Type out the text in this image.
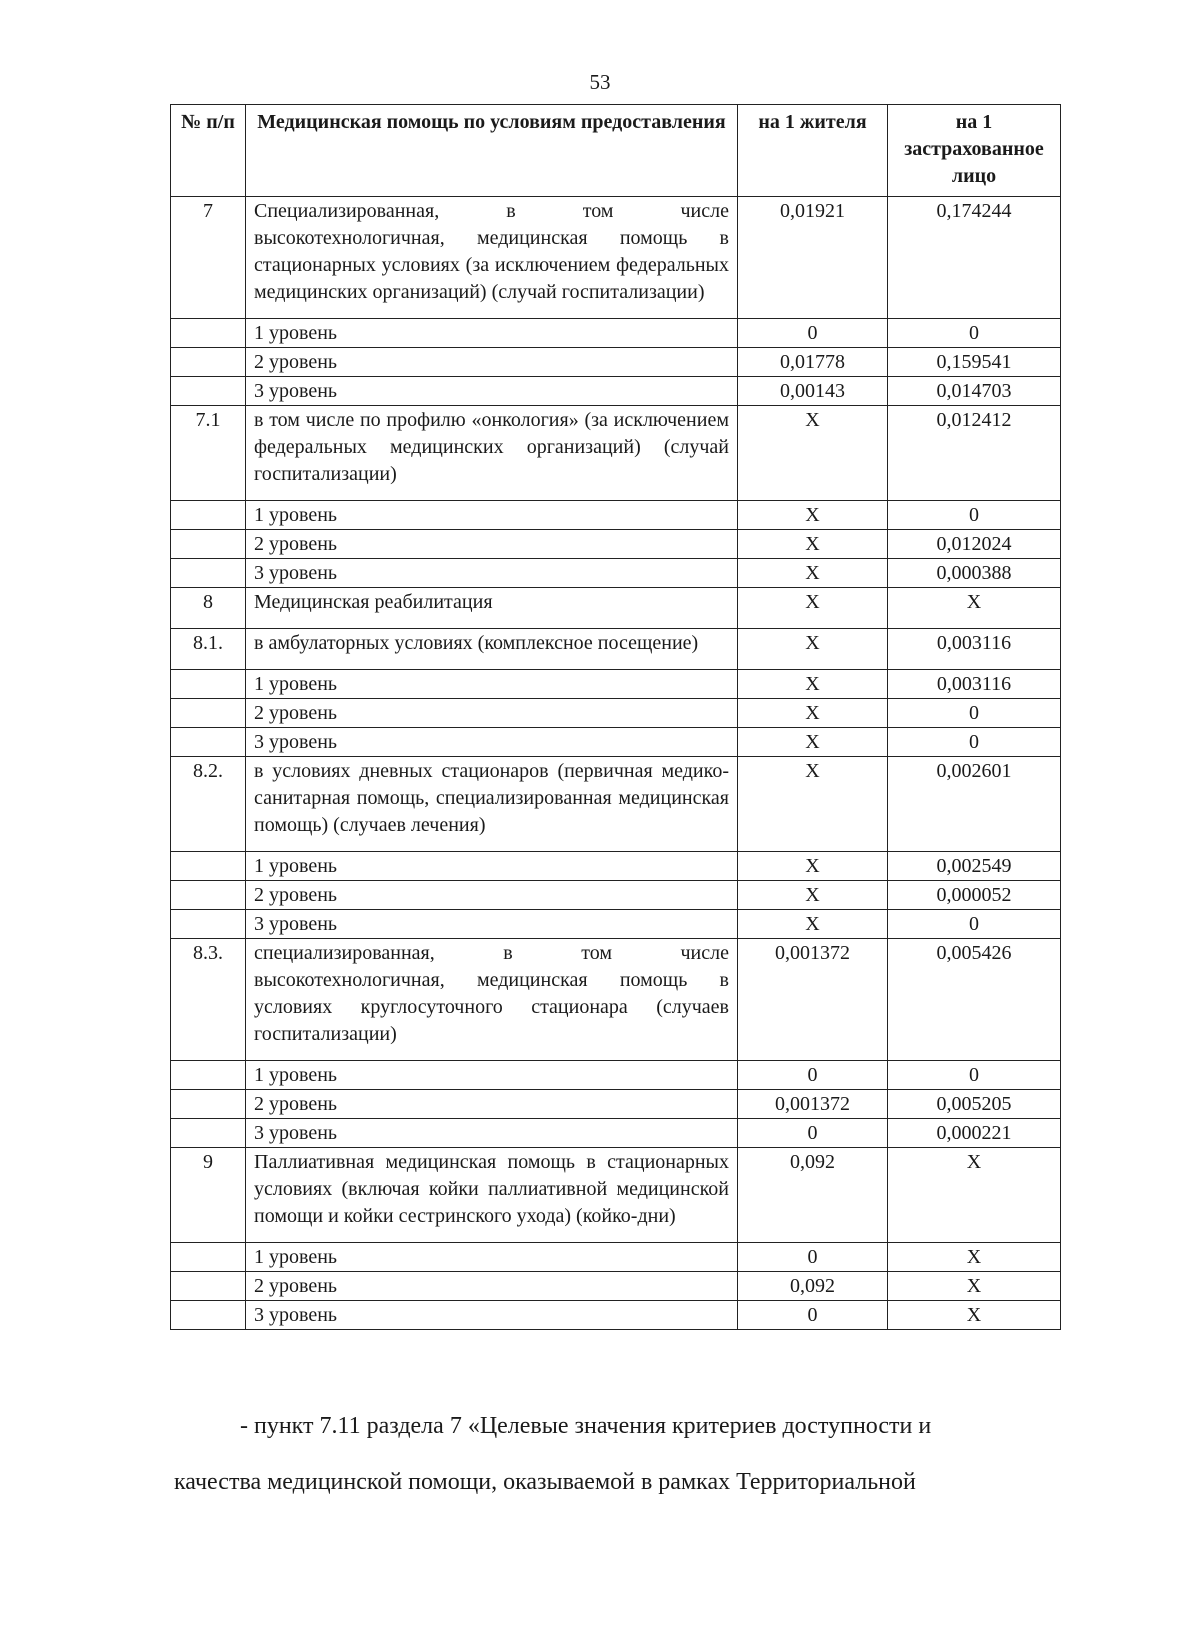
53
№ п/п	Медицинская помощь по условиям предоставления	на 1 жителя	на 1 застрахованное лицо
7	Специализированная, в том числе высокотехнологичная, медицинская помощь в стационарных условиях (за исключением федеральных медицинских организаций) (случай госпитализации)	0,01921	0,174244
	1 уровень	0	0
	2 уровень	0,01778	0,159541
	3 уровень	0,00143	0,014703
7.1	в том числе по профилю «онкология» (за исключением федеральных медицинских организаций) (случай госпитализации)	X	0,012412
	1 уровень	X	0
	2 уровень	X	0,012024
	3 уровень	X	0,000388
8	Медицинская реабилитация	X	X
8.1.	в амбулаторных условиях (комплексное посещение)	X	0,003116
	1 уровень	X	0,003116
	2 уровень	X	0
	3 уровень	X	0
8.2.	в условиях дневных стационаров (первичная медико-санитарная помощь, специализированная медицинская помощь) (случаев лечения)	X	0,002601
	1 уровень	X	0,002549
	2 уровень	X	0,000052
	3 уровень	X	0
8.3.	специализированная, в том числе высокотехнологичная, медицинская помощь в условиях круглосуточного стационара (случаев госпитализации)	0,001372	0,005426
	1 уровень	0	0
	2 уровень	0,001372	0,005205
	3 уровень	0	0,000221
9	Паллиативная медицинская помощь в стационарных условиях (включая койки паллиативной медицинской помощи и койки сестринского ухода) (койко-дни)	0,092	X
	1 уровень	0	X
	2 уровень	0,092	X
	3 уровень	0	X
- пункт 7.11 раздела 7 «Целевые значения критериев доступности и
качества медицинской помощи, оказываемой в рамках Территориальной
